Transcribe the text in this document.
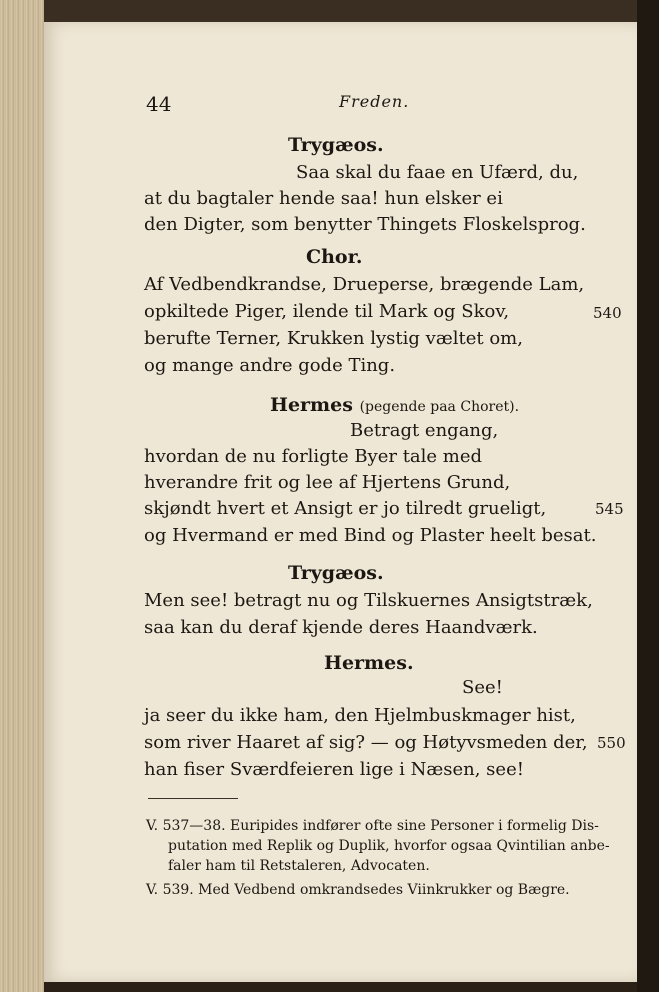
44	Freden.
Trygæos.
Saa skal du faae en Ufærd, du,
at du bagtaler hende saa! hun elsker ei
den Digter, som benytter Thingets Floskelsprog.
Chor.
Af Vedbendkrandse, Druepersе, brægende Lam,
opkiltede Piger, ilende til Mark og Skov,	540
berufte Terner, Krukken lystig væltet om,
og mange andre gode Ting.
Hermes (pegende paa Choret).
Betragt engang,
hvordan de nu forligte Byer tale med
hverandre frit og lee af Hjertens Grund,
skjøndt hvert et Ansigt er jo tilredt grueligt,	545
og Hvermand er med Bind og Plaster heelt besat.
Trygæos.
Men see! betragt nu og Tilskuernes Ansigtstræk,
saa kan du deraf kjende deres Haandværk.
Hermes.
See!
ja seer du ikke ham, den Hjelmbuskmager hist,
som river Haaret af sig? — og Høtyvsmeden der, 550
han fiser Sværdfeieren lige i Næsen, see!
V. 537—38. Euripides indfører ofte sine Personer i formelig Dis-
putation med Replik og Duplik, hvorfor ogsaa Qvintilian anbe-
faler ham til Retstaleren, Advocaten.
V. 539. Med Vedbend omkrandsedes Viinkrukker og Bægre.
